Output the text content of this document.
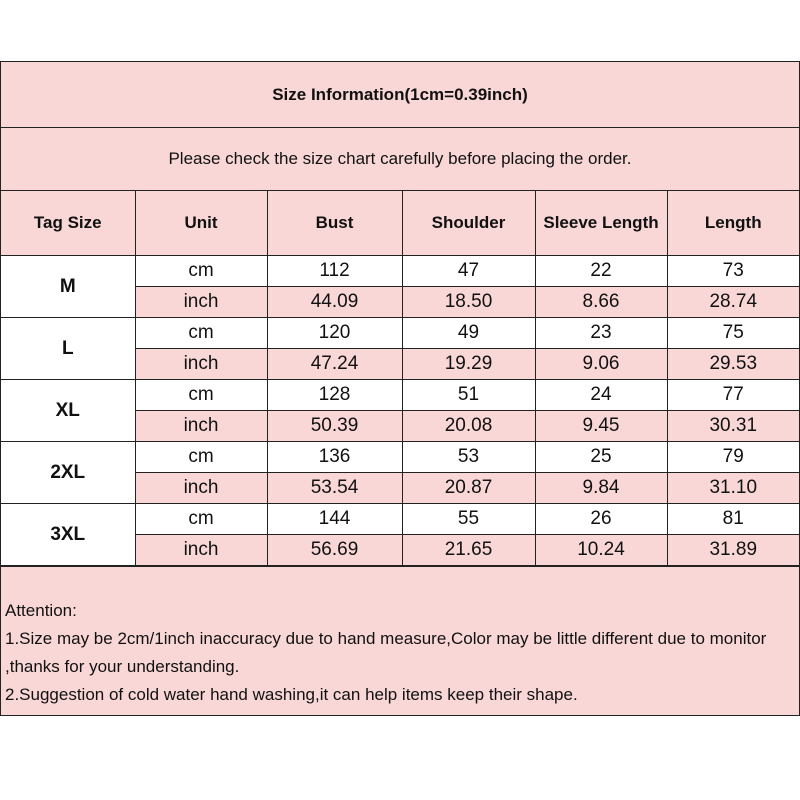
Size Information(1cm=0.39inch)
Please check the size chart carefully before placing the order.
Tag Size	Unit	Bust	Shoulder	Sleeve Length	Length
M	cm	112	47	22	73
	inch	44.09	18.50	8.66	28.74
L	cm	120	49	23	75
	inch	47.24	19.29	9.06	29.53
XL	cm	128	51	24	77
	inch	50.39	20.08	9.45	30.31
2XL	cm	136	53	25	79
	inch	53.54	20.87	9.84	31.10
3XL	cm	144	55	26	81
	inch	56.69	21.65	10.24	31.89

Attention:

1.Size may be 2cm/1inch inaccuracy due to hand measure,Color may be little different due to monitor ,thanks for your understanding.

2.Suggestion of cold water hand washing,it can help items keep their shape.
